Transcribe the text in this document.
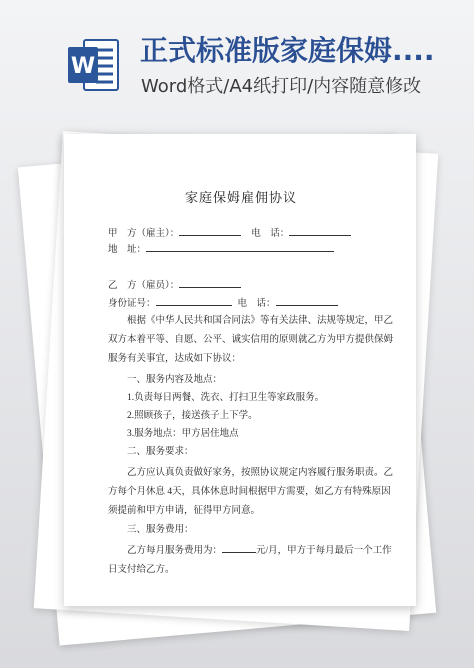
W 正式标准版家庭保姆....
Word格式/A4纸打印/内容随意修改
家庭保姆雇佣协议
甲　方（雇主）：	电　话：
地　址：
乙　方（雇员）：
身份证号：	电　话：
根据《中华人民共和国合同法》等有关法律、法规等规定，甲乙双方本着平等、自愿、公平、诚实信用的原则就乙方为甲方提供保姆服务有关事宜，达成如下协议：
一、服务内容及地点：
1.负责每日两餐、洗衣、打扫卫生等家政服务。
2.照顾孩子，接送孩子上下学。
3.服务地点：甲方居住地点
二、服务要求：
乙方应认真负责做好家务，按照协议规定内容履行服务职责。乙方每个月休息 4天，具体休息时间根据甲方需要，如乙方有特殊原因须提前和甲方申请，征得甲方同意。
三、服务费用：
乙方每月服务费用为：	元/月，甲方于每月最后一个工作日支付给乙方。
